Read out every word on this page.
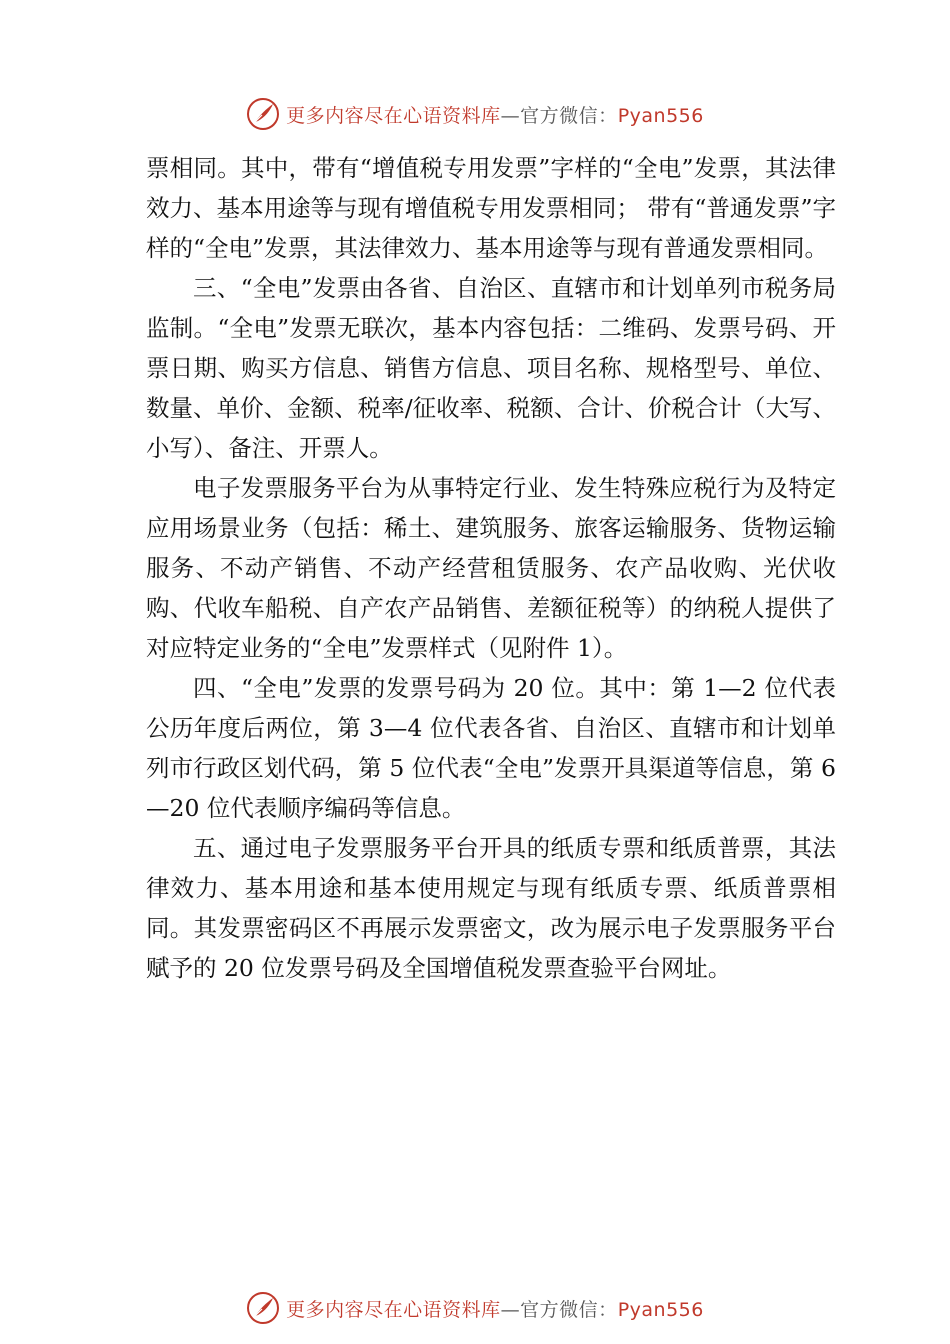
更多内容尽在心语资料库—官方微信：Pyan556

票相同。其中，带有“增值税专用发票”字样的“全电”发票，其法律效力、基本用途等与现有增值税专用发票相同； 带有“普通发票”字样的“全电”发票，其法律效力、基本用途等与现有普通发票相同。

三、“全电”发票由各省、自治区、直辖市和计划单列市税务局监制。“全电”发票无联次，基本内容包括：二维码、发票号码、开票日期、购买方信息、销售方信息、项目名称、规格型号、单位、数量、单价、金额、税率/征收率、税额、合计、价税合计（大写、小写）、备注、开票人。

电子发票服务平台为从事特定行业、发生特殊应税行为及特定应用场景业务（包括：稀土、建筑服务、旅客运输服务、货物运输服务、不动产销售、不动产经营租赁服务、农产品收购、光伏收购、代收车船税、自产农产品销售、差额征税等）的纳税人提供了对应特定业务的“全电”发票样式（见附件 1）。

四、“全电”发票的发票号码为 20 位。其中：第 1—2 位代表公历年度后两位，第 3—4 位代表各省、自治区、直辖市和计划单列市行政区划代码，第 5 位代表“全电”发票开具渠道等信息，第 6—20 位代表顺序编码等信息。

五、通过电子发票服务平台开具的纸质专票和纸质普票，其法律效力、基本用途和基本使用规定与现有纸质专票、纸质普票相同。其发票密码区不再展示发票密文，改为展示电子发票服务平台赋予的 20 位发票号码及全国增值税发票查验平台网址。

更多内容尽在心语资料库—官方微信：Pyan556
